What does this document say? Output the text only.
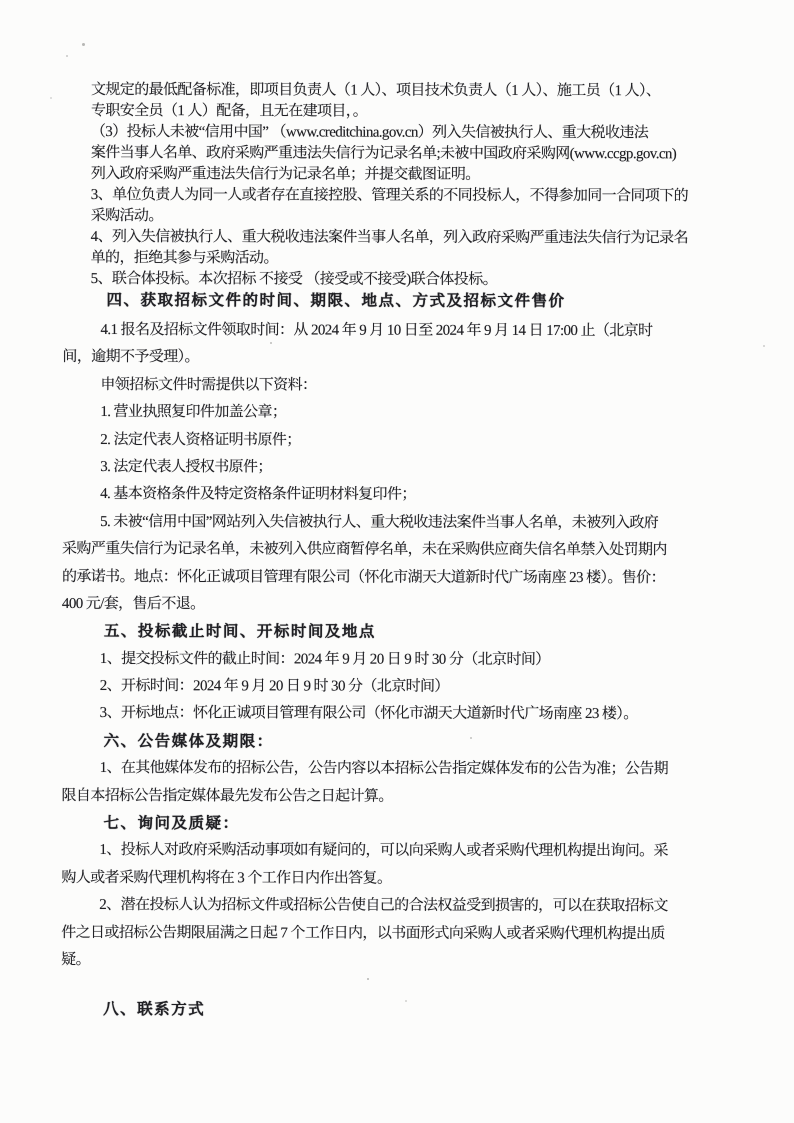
文规定的最低配备标准，即项目负责人（1 人）、项目技术负责人（1 人）、施工员（1 人）、
专职安全员（1 人）配备，且无在建项目，。
（3）投标人未被“信用中国” （www.creditchina.gov.cn）列入失信被执行人、重大税收违法
案件当事人名单、政府采购严重违法失信行为记录名单;未被中国政府采购网(www.ccgp.gov.cn)
列入政府采购严重违法失信行为记录名单；并提交截图证明。
3、单位负责人为同一人或者存在直接控股、管理关系的不同投标人，不得参加同一合同项下的
采购活动。
4、列入失信被执行人、重大税收违法案件当事人名单，列入政府采购严重违法失信行为记录名
单的，拒绝其参与采购活动。
5、联合体投标。本次招标 不接受 （接受或不接受)联合体投标。
四、获取招标文件的时间、期限、地点、方式及招标文件售价
4.1 报名及招标文件领取时间：从 2024 年 9 月 10 日至 2024 年 9 月 14 日 17:00 止（北京时
间，逾期不予受理）。
申领招标文件时需提供以下资料：
1. 营业执照复印件加盖公章；
2. 法定代表人资格证明书原件；
3. 法定代表人授权书原件；
4. 基本资格条件及特定资格条件证明材料复印件；
5. 未被“信用中国”网站列入失信被执行人、重大税收违法案件当事人名单，未被列入政府
采购严重失信行为记录名单，未被列入供应商暂停名单，未在采购供应商失信名单禁入处罚期内
的承诺书。地点：怀化正诚项目管理有限公司（怀化市湖天大道新时代广场南座 23 楼）。售价：
400 元/套，售后不退。
五、投标截止时间、开标时间及地点
1、提交投标文件的截止时间：2024 年 9 月 20 日 9 时 30 分（北京时间）
2、开标时间：2024 年 9 月 20 日 9 时 30 分（北京时间）
3、开标地点：怀化正诚项目管理有限公司（怀化市湖天大道新时代广场南座 23 楼）。
六、公告媒体及期限：
1、在其他媒体发布的招标公告，公告内容以本招标公告指定媒体发布的公告为准；公告期
限自本招标公告指定媒体最先发布公告之日起计算。
七、询问及质疑：
1、投标人对政府采购活动事项如有疑问的，可以向采购人或者采购代理机构提出询问。采
购人或者采购代理机构将在 3 个工作日内作出答复。
2、潜在投标人认为招标文件或招标公告使自己的合法权益受到损害的，可以在获取招标文
件之日或招标公告期限届满之日起 7 个工作日内，以书面形式向采购人或者采购代理机构提出质
疑。
八、联系方式
